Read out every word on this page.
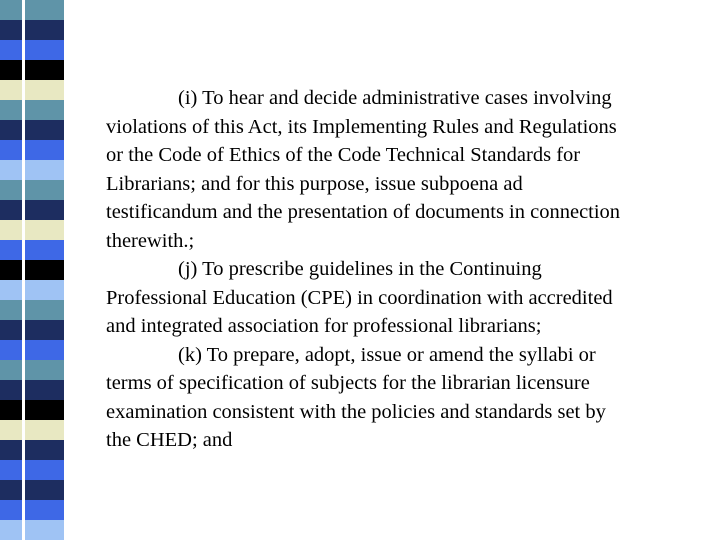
(i) To hear and decide administrative cases involving
violations of this Act, its Implementing Rules and Regulations
or the Code of Ethics of the Code Technical Standards for
Librarians; and for this purpose, issue subpoena ad
testificandum and the presentation of documents in connection
therewith.;
(j) To prescribe guidelines in the Continuing
Professional Education (CPE) in coordination with accredited
and integrated association for professional librarians;
(k) To prepare, adopt, issue or amend the syllabi or
terms of specification of subjects for the librarian licensure
examination consistent with the policies and standards set by
the CHED; and
